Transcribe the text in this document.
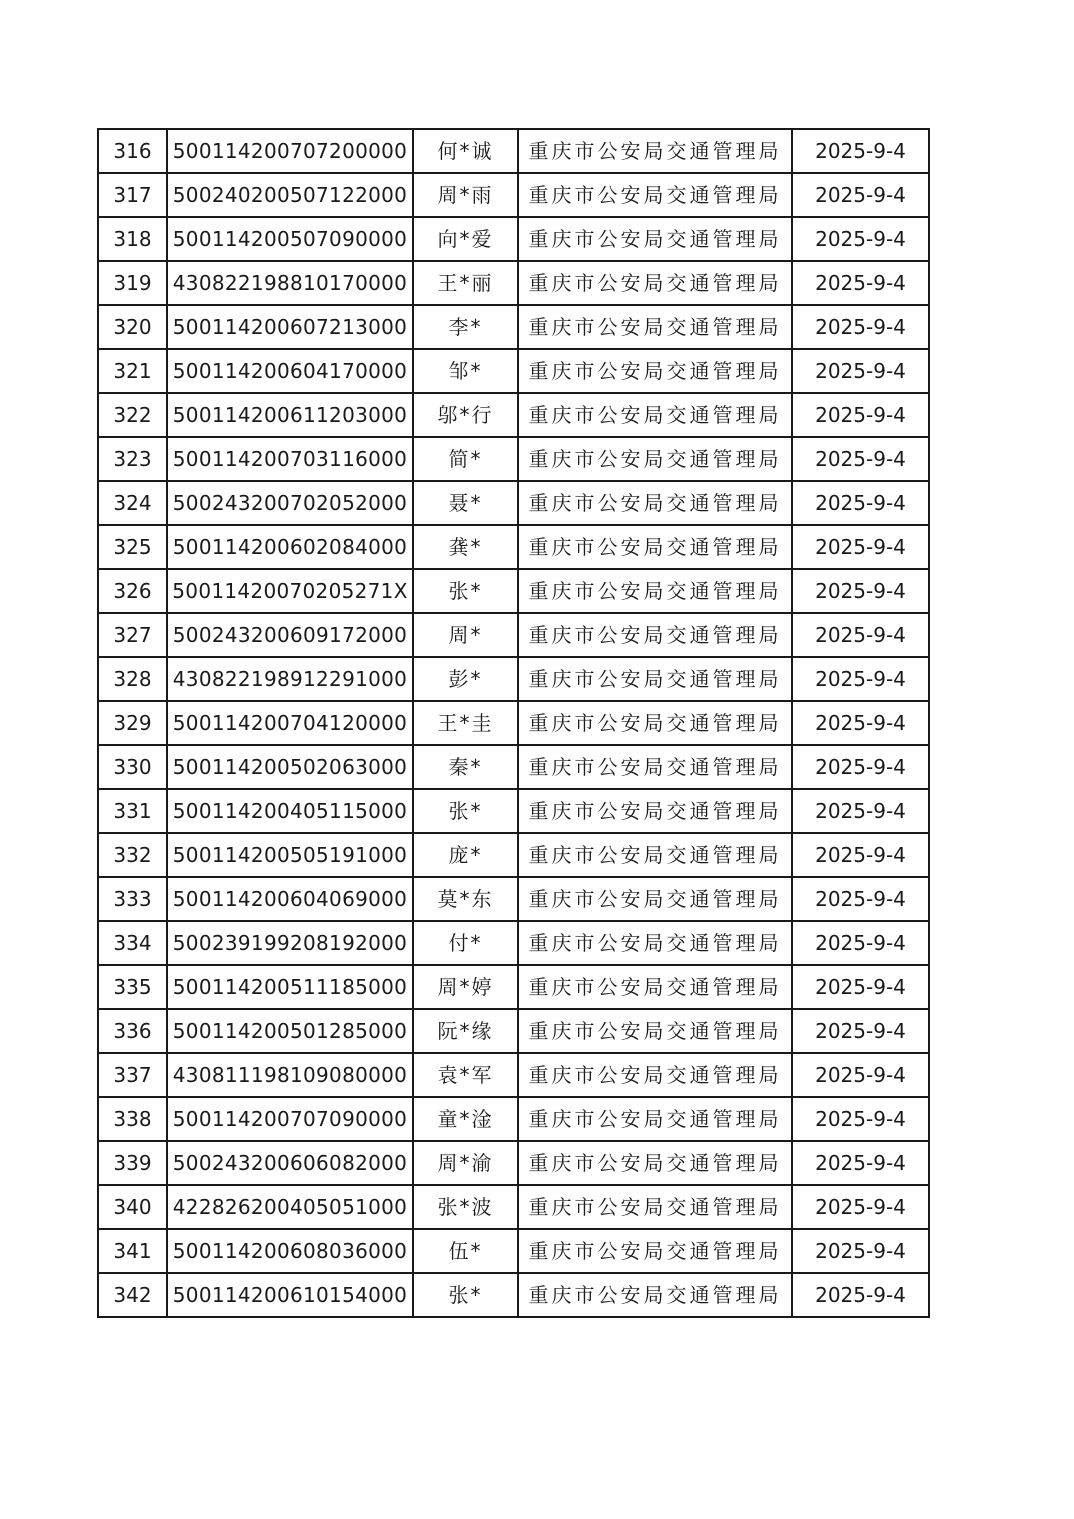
316	500114200707200000	何*诚	重庆市公安局交通管理局	2025-9-4
317	500240200507122000	周*雨	重庆市公安局交通管理局	2025-9-4
318	500114200507090000	向*爱	重庆市公安局交通管理局	2025-9-4
319	430822198810170000	王*丽	重庆市公安局交通管理局	2025-9-4
320	500114200607213000	李*	重庆市公安局交通管理局	2025-9-4
321	500114200604170000	邹*	重庆市公安局交通管理局	2025-9-4
322	500114200611203000	邬*行	重庆市公安局交通管理局	2025-9-4
323	500114200703116000	简*	重庆市公安局交通管理局	2025-9-4
324	500243200702052000	聂*	重庆市公安局交通管理局	2025-9-4
325	500114200602084000	龚*	重庆市公安局交通管理局	2025-9-4
326	50011420070205271X	张*	重庆市公安局交通管理局	2025-9-4
327	500243200609172000	周*	重庆市公安局交通管理局	2025-9-4
328	430822198912291000	彭*	重庆市公安局交通管理局	2025-9-4
329	500114200704120000	王*圭	重庆市公安局交通管理局	2025-9-4
330	500114200502063000	秦*	重庆市公安局交通管理局	2025-9-4
331	500114200405115000	张*	重庆市公安局交通管理局	2025-9-4
332	500114200505191000	庞*	重庆市公安局交通管理局	2025-9-4
333	500114200604069000	莫*东	重庆市公安局交通管理局	2025-9-4
334	500239199208192000	付*	重庆市公安局交通管理局	2025-9-4
335	500114200511185000	周*婷	重庆市公安局交通管理局	2025-9-4
336	500114200501285000	阮*缘	重庆市公安局交通管理局	2025-9-4
337	430811198109080000	袁*军	重庆市公安局交通管理局	2025-9-4
338	500114200707090000	童*淦	重庆市公安局交通管理局	2025-9-4
339	500243200606082000	周*渝	重庆市公安局交通管理局	2025-9-4
340	422826200405051000	张*波	重庆市公安局交通管理局	2025-9-4
341	500114200608036000	伍*	重庆市公安局交通管理局	2025-9-4
342	500114200610154000	张*	重庆市公安局交通管理局	2025-9-4
